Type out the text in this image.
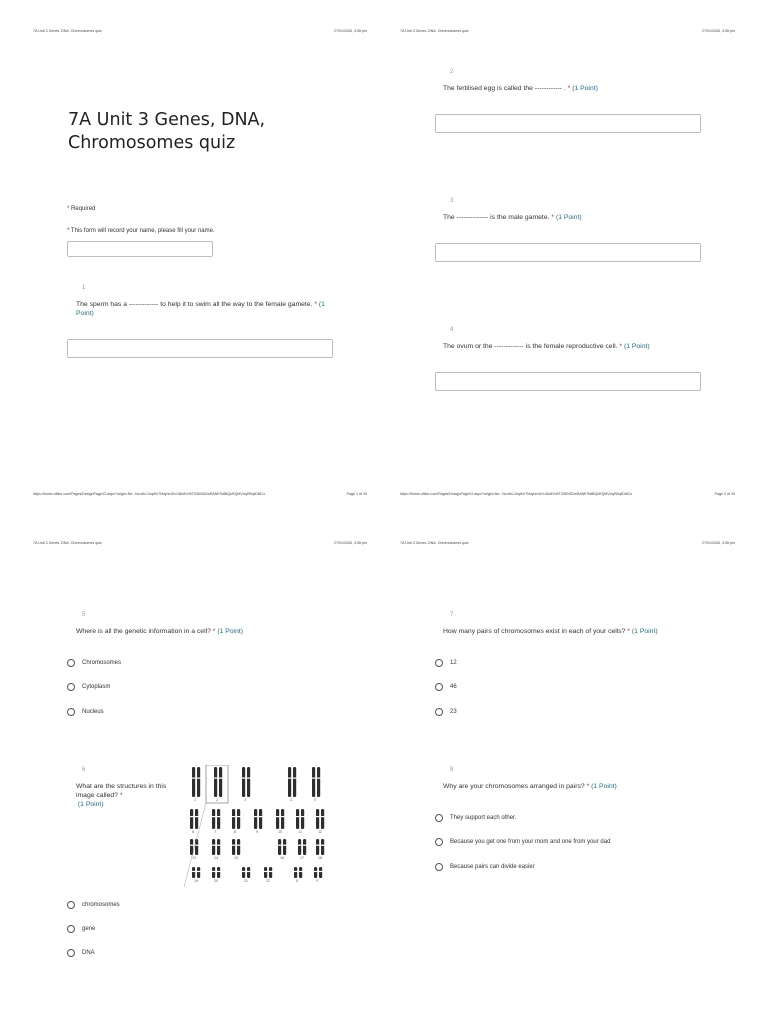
7A Unit 3 Genes, DNA, Chromosomes quiz	27/01/2026, 3:08 pm
7A Unit 3 Genes, DNA, Chromosomes quiz
* Required
* This form will record your name, please fill your name.
1
The sperm has a ------------- to help it to swim all the way to the female gamete. * (1 Point)
https://forms.office.com/Pages/DesignPageV2.aspx?origin=Ne...NcuthJ-0opKh7Nnyhm3rVJ&h8Vh5T03KNS2wRAfW7k8BQkRQMVmyR0qtD6lCo	Page 1 of 20
7A Unit 3 Genes, DNA, Chromosomes quiz	27/01/2026, 3:08 pm
2
The fertilised egg is called the ------------ . * (1 Point)
3
The -------------- is the male gamete. * (1 Point)
4
The ovum or the ------------- is the female reproductive cell. * (1 Point)
https://forms.office.com/Pages/DesignPageV2.aspx?origin=Ne...NcuthJ-0opKh7Nnyhm3rVJ&h8Vh5T03KNS2wRAfW7k8BQkRQMVmyR0qtD6lCo	Page 2 of 20
7A Unit 3 Genes, DNA, Chromosomes quiz	27/01/2026, 3:08 pm
5
Where is all the genetic information in a cell? * (1 Point)
Chromosomes
Cytoplasm
Nucleus
6
What are the structures in this image called? *
(1 Point)
1	2	3	4	5
6	7	8	9	10	11	12
13	14	15	16	17	18
19	20	21	22	X	Y
chromosomes
gene
DNA
7A Unit 3 Genes, DNA, Chromosomes quiz	27/01/2026, 3:08 pm
7
How many pairs of chromosomes exist in each of your cells? * (1 Point)
12
46
23
8
Why are your chromosomes arranged in pairs? * (1 Point)
They support each other.
Because you get one from your mom and one from your dad
Because pairs can divide easier
